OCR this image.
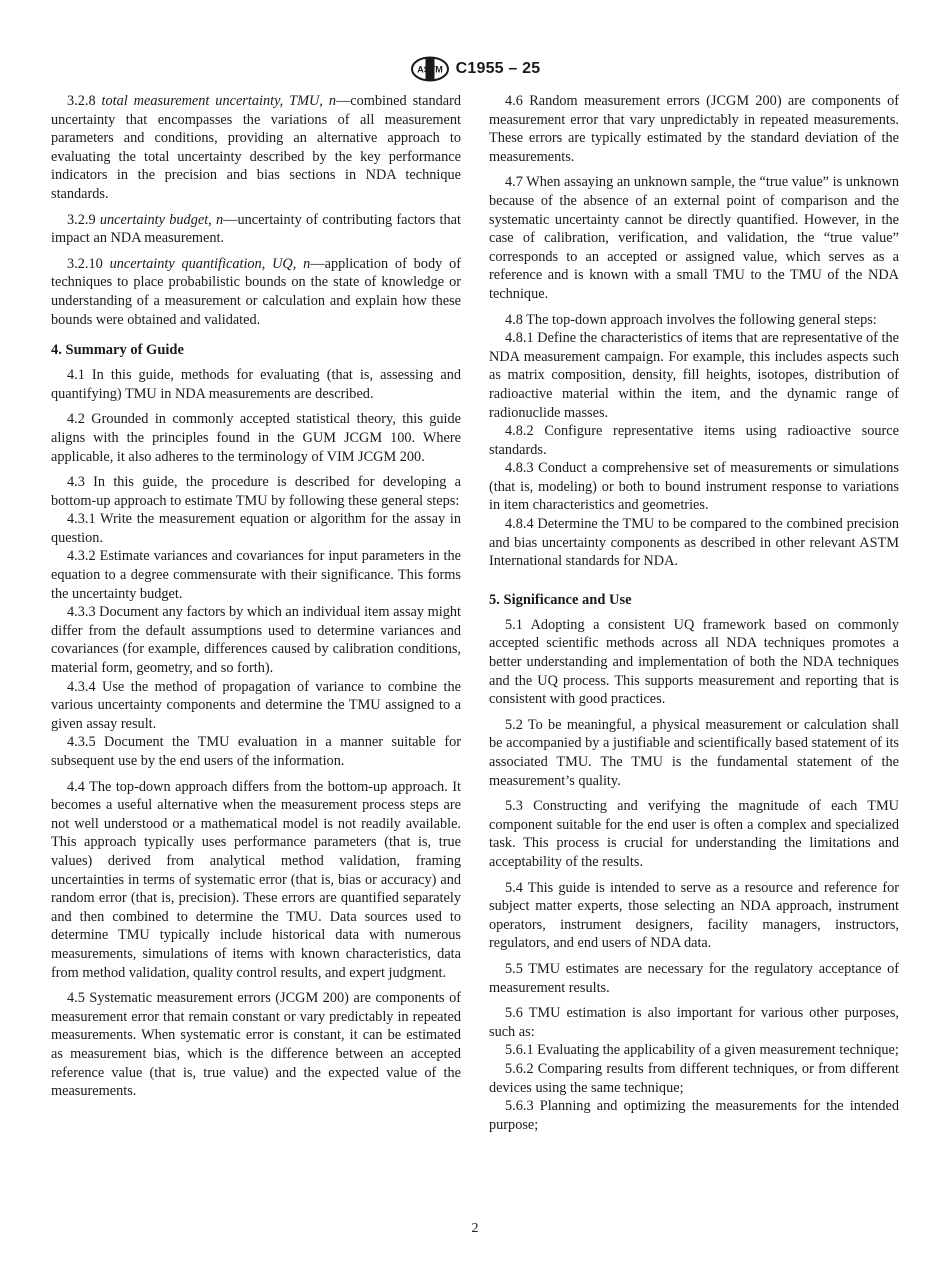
ASTM C1955 – 25

3.2.8 total measurement uncertainty, TMU, n—combined standard uncertainty that encompasses the variations of all measurement parameters and conditions, providing an alternative approach to evaluating the total uncertainty described by the key performance indicators in the precision and bias sections in NDA technique standards.

3.2.9 uncertainty budget, n—uncertainty of contributing factors that impact an NDA measurement.

3.2.10 uncertainty quantification, UQ, n—application of body of techniques to place probabilistic bounds on the state of knowledge or understanding of a measurement or calculation and explain how these bounds were obtained and validated.

4. Summary of Guide

4.1 In this guide, methods for evaluating (that is, assessing and quantifying) TMU in NDA measurements are described.

4.2 Grounded in commonly accepted statistical theory, this guide aligns with the principles found in the GUM JCGM 100. Where applicable, it also adheres to the terminology of VIM JCGM 200.

4.3 In this guide, the procedure is described for developing a bottom-up approach to estimate TMU by following these general steps:

4.3.1 Write the measurement equation or algorithm for the assay in question.

4.3.2 Estimate variances and covariances for input parameters in the equation to a degree commensurate with their significance. This forms the uncertainty budget.

4.3.3 Document any factors by which an individual item assay might differ from the default assumptions used to determine variances and covariances (for example, differences caused by calibration conditions, material form, geometry, and so forth).

4.3.4 Use the method of propagation of variance to combine the various uncertainty components and determine the TMU assigned to a given assay result.

4.3.5 Document the TMU evaluation in a manner suitable for subsequent use by the end users of the information.

4.4 The top-down approach differs from the bottom-up approach. It becomes a useful alternative when the measurement process steps are not well understood or a mathematical model is not readily available. This approach typically uses performance parameters (that is, true values) derived from analytical method validation, framing uncertainties in terms of systematic error (that is, bias or accuracy) and random error (that is, precision). These errors are quantified separately and then combined to determine the TMU. Data sources used to determine TMU typically include historical data with numerous measurements, simulations of items with known characteristics, data from method validation, quality control results, and expert judgment.

4.5 Systematic measurement errors (JCGM 200) are components of measurement error that remain constant or vary predictably in repeated measurements. When systematic error is constant, it can be estimated as measurement bias, which is the difference between an accepted reference value (that is, true value) and the expected value of the measurements.

4.6 Random measurement errors (JCGM 200) are components of measurement error that vary unpredictably in repeated measurements. These errors are typically estimated by the standard deviation of the measurements.

4.7 When assaying an unknown sample, the “true value” is unknown because of the absence of an external point of comparison and the systematic uncertainty cannot be directly quantified. However, in the case of calibration, verification, and validation, the “true value” corresponds to an accepted or assigned value, which serves as a reference and is known with a small TMU to the TMU of the NDA technique.

4.8 The top-down approach involves the following general steps:

4.8.1 Define the characteristics of items that are representative of the NDA measurement campaign. For example, this includes aspects such as matrix composition, density, fill heights, isotopes, distribution of radioactive material within the item, and the dynamic range of radionuclide masses.

4.8.2 Configure representative items using radioactive source standards.

4.8.3 Conduct a comprehensive set of measurements or simulations (that is, modeling) or both to bound instrument response to variations in item characteristics and geometries.

4.8.4 Determine the TMU to be compared to the combined precision and bias uncertainty components as described in other relevant ASTM International standards for NDA.

5. Significance and Use

5.1 Adopting a consistent UQ framework based on commonly accepted scientific methods across all NDA techniques promotes a better understanding and implementation of both the NDA techniques and the UQ process. This supports measurement and reporting that is consistent with good practices.

5.2 To be meaningful, a physical measurement or calculation shall be accompanied by a justifiable and scientifically based statement of its associated TMU. The TMU is the fundamental statement of the measurement’s quality.

5.3 Constructing and verifying the magnitude of each TMU component suitable for the end user is often a complex and specialized task. This process is crucial for understanding the limitations and acceptability of the results.

5.4 This guide is intended to serve as a resource and reference for subject matter experts, those selecting an NDA approach, instrument operators, instrument designers, facility managers, instructors, regulators, and end users of NDA data.

5.5 TMU estimates are necessary for the regulatory acceptance of measurement results.

5.6 TMU estimation is also important for various other purposes, such as:

5.6.1 Evaluating the applicability of a given measurement technique;

5.6.2 Comparing results from different techniques, or from different devices using the same technique;

5.6.3 Planning and optimizing the measurements for the intended purpose;

2
